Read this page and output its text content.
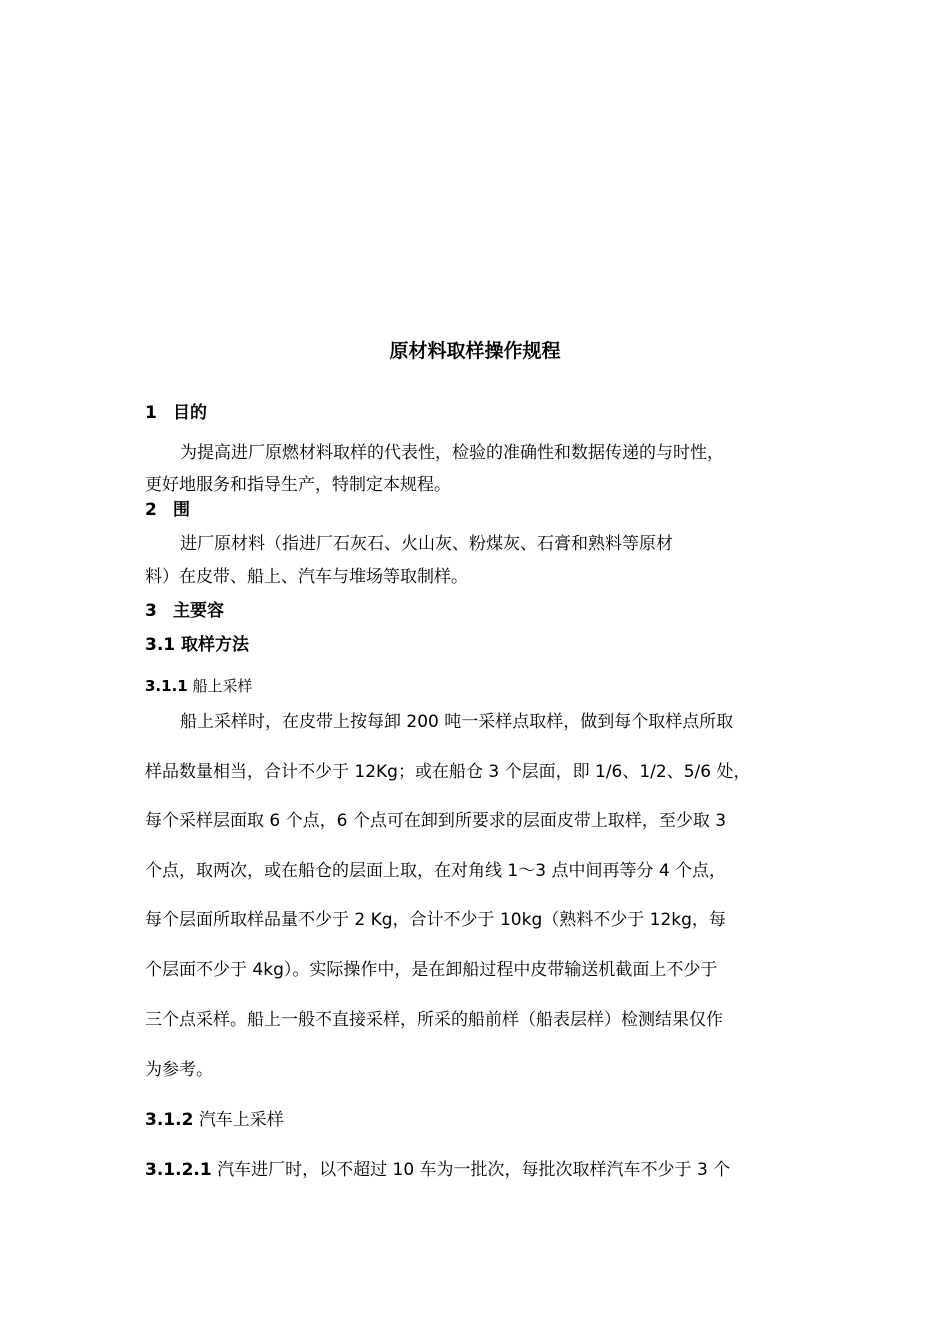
原材料取样操作规程
1 目的
为提高进厂原燃材料取样的代表性，检验的准确性和数据传递的与时性，
更好地服务和指导生产，特制定本规程。
2 围
进厂原材料（指进厂石灰石、火山灰、粉煤灰、石膏和熟料等原材
料）在皮带、船上、汽车与堆场等取制样。
3 主要容
3.1 取样方法
3.1.1 船上采样
船上采样时，在皮带上按每卸 200 吨一采样点取样，做到每个取样点所取
样品数量相当，合计不少于 12Kg；或在船仓 3 个层面，即 1/6、1/2、5/6 处，
每个采样层面取 6 个点，6 个点可在卸到所要求的层面皮带上取样，至少取 3
个点，取两次，或在船仓的层面上取，在对角线 1～3 点中间再等分 4 个点，
每个层面所取样品量不少于 2 Kg，合计不少于 10kg（熟料不少于 12kg，每
个层面不少于 4kg）。实际操作中，是在卸船过程中皮带输送机截面上不少于
三个点采样。船上一般不直接采样，所采的船前样（船表层样）检测结果仅作
为参考。
3.1.2 汽车上采样
3.1.2.1 汽车进厂时，以不超过 10 车为一批次，每批次取样汽车不少于 3 个
